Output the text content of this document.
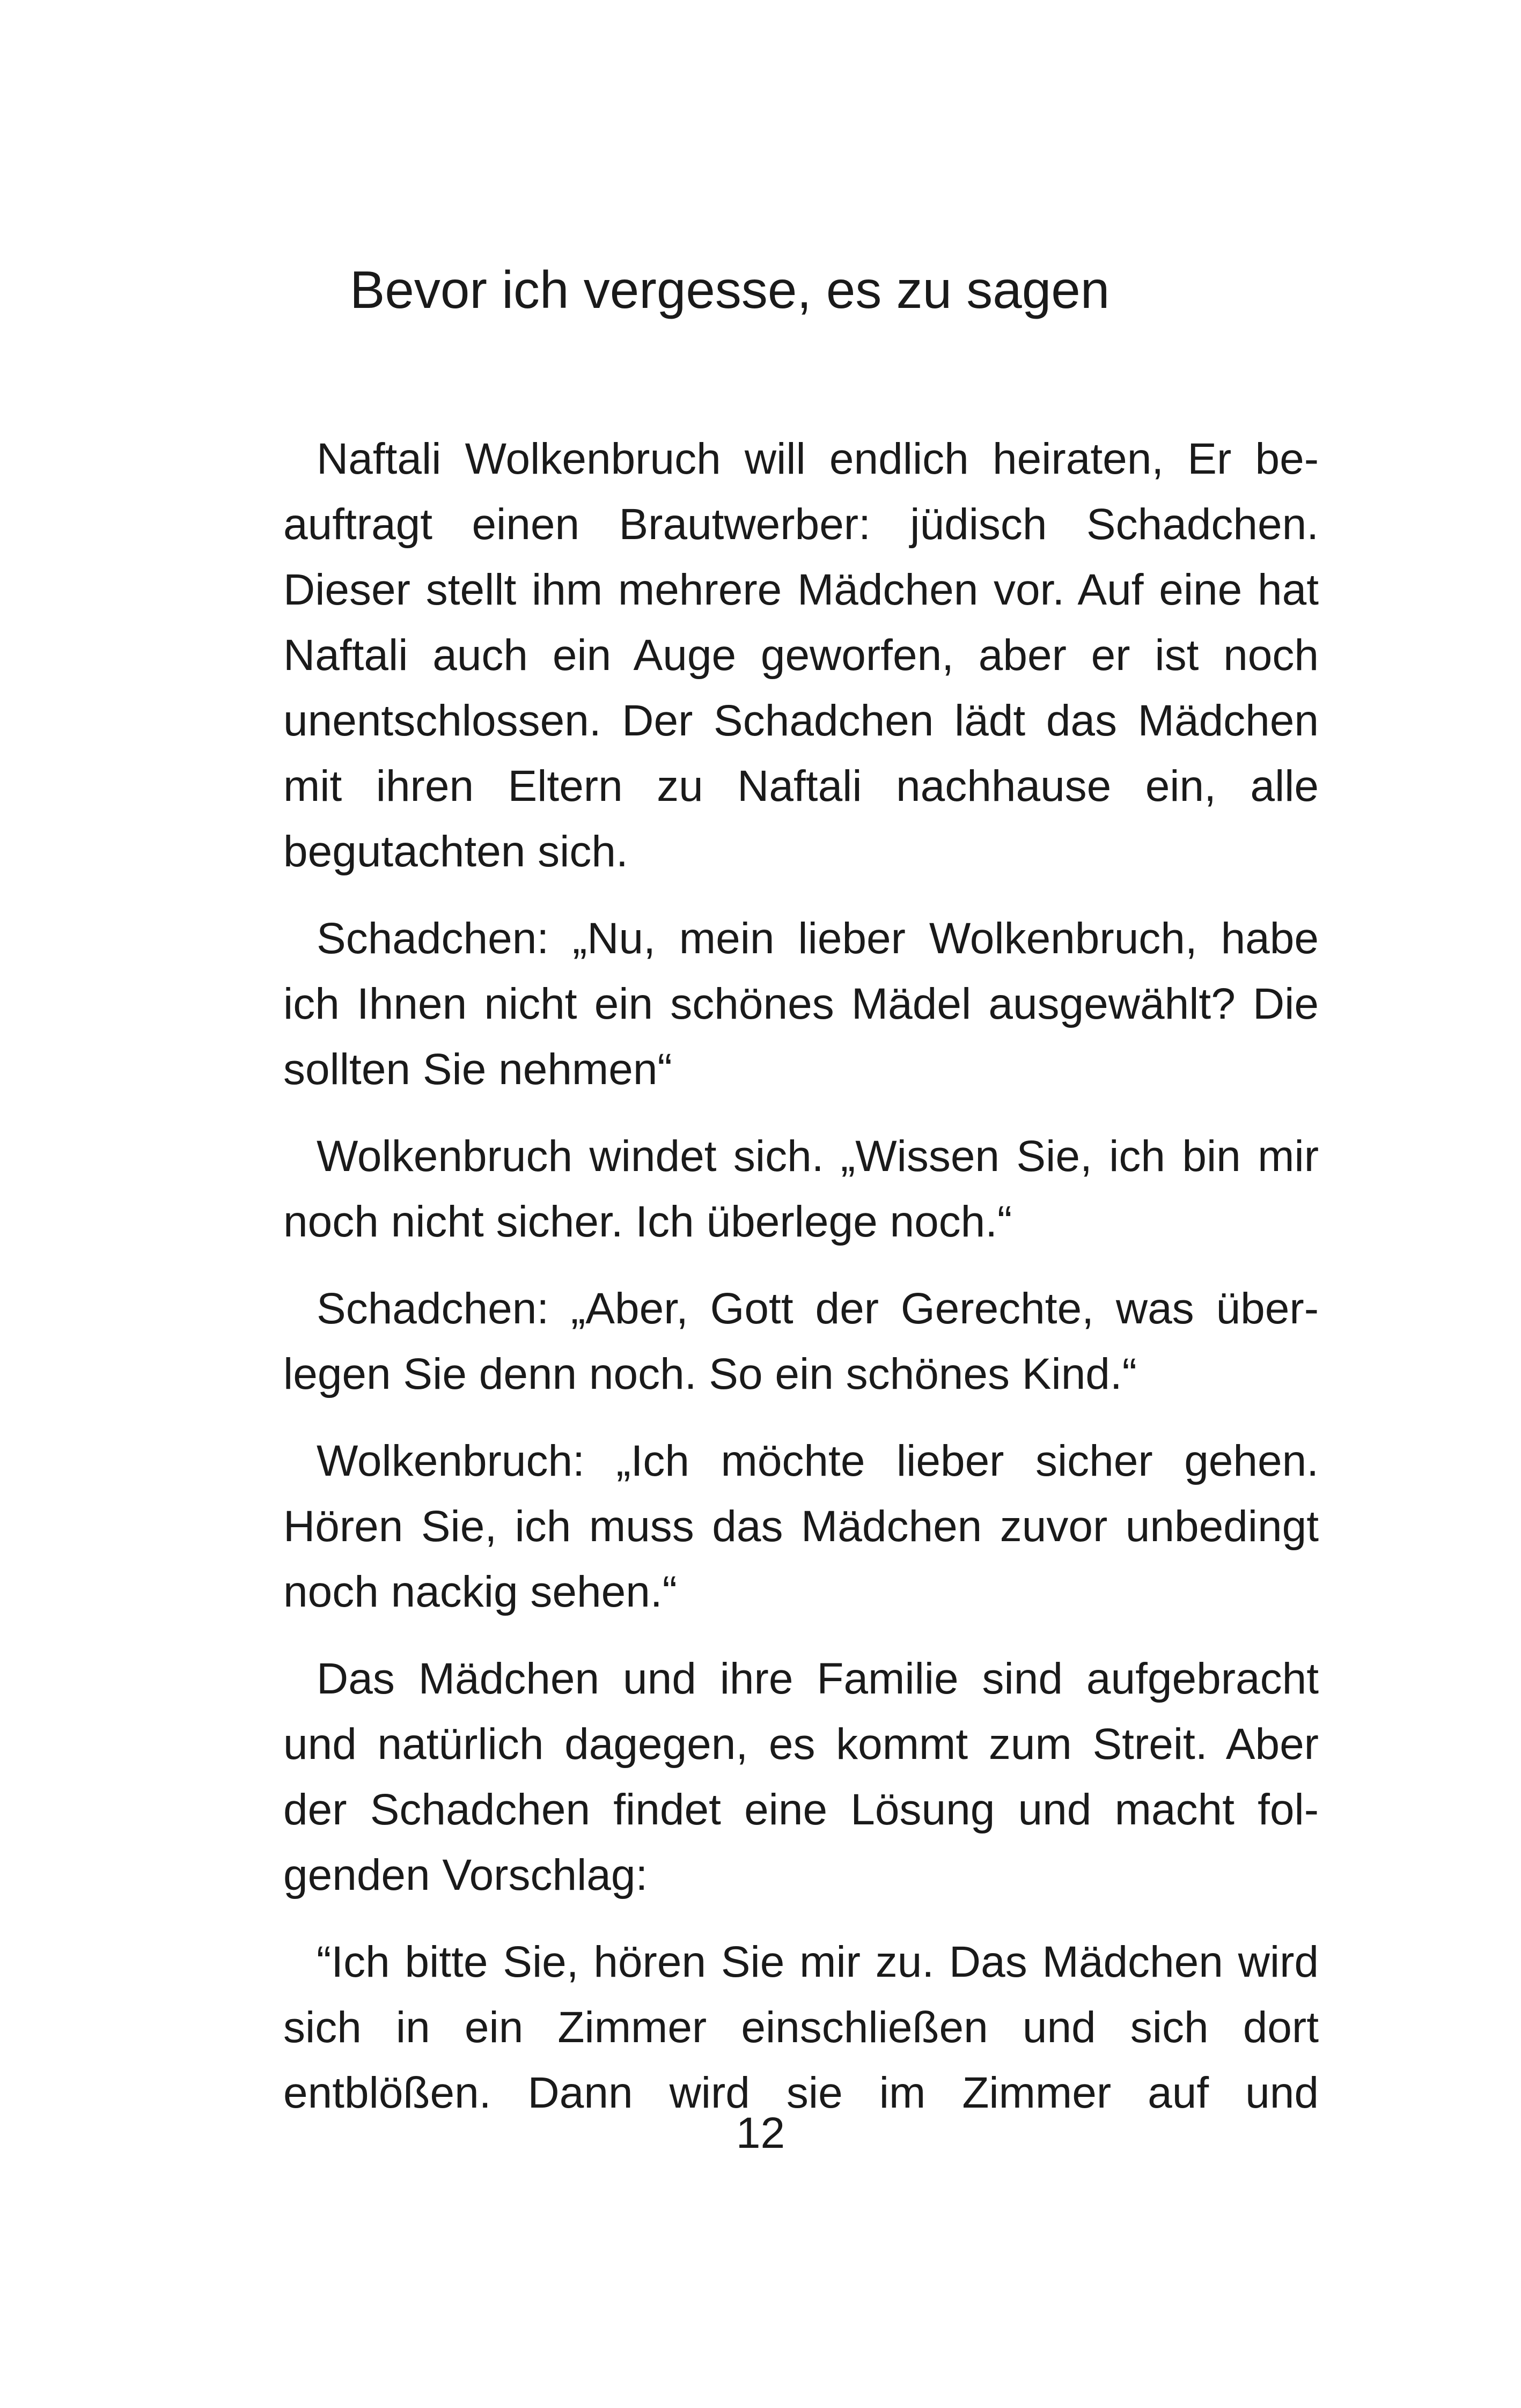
Bevor ich vergesse, es zu sagen

Naftali Wolkenbruch will endlich heiraten, Er beauftragt einen Brautwerber: jüdisch Schadchen. Dieser stellt ihm mehrere Mädchen vor. Auf eine hat Naftali auch ein Auge geworfen, aber er ist noch unentschlossen. Der Schadchen lädt das Mädchen mit ihren Eltern zu Naftali nachhause ein, alle begutachten sich.

Schadchen: „Nu, mein lieber Wolkenbruch, habe ich Ihnen nicht ein schönes Mädel ausgewählt? Die sollten Sie nehmen“

Wolkenbruch windet sich. „Wissen Sie, ich bin mir noch nicht sicher. Ich überlege noch.“

Schadchen: „Aber, Gott der Gerechte, was überlegen Sie denn noch. So ein schönes Kind.“

Wolkenbruch: „Ich möchte lieber sicher gehen. Hören Sie, ich muss das Mädchen zuvor unbedingt noch nackig sehen.“

Das Mädchen und ihre Familie sind aufgebracht und natürlich dagegen, es kommt zum Streit. Aber der Schadchen findet eine Lösung und macht folgenden Vorschlag:

“Ich bitte Sie, hören Sie mir zu. Das Mädchen wird sich in ein Zimmer einschließen und sich dort entblößen. Dann wird sie im Zimmer auf und

12
